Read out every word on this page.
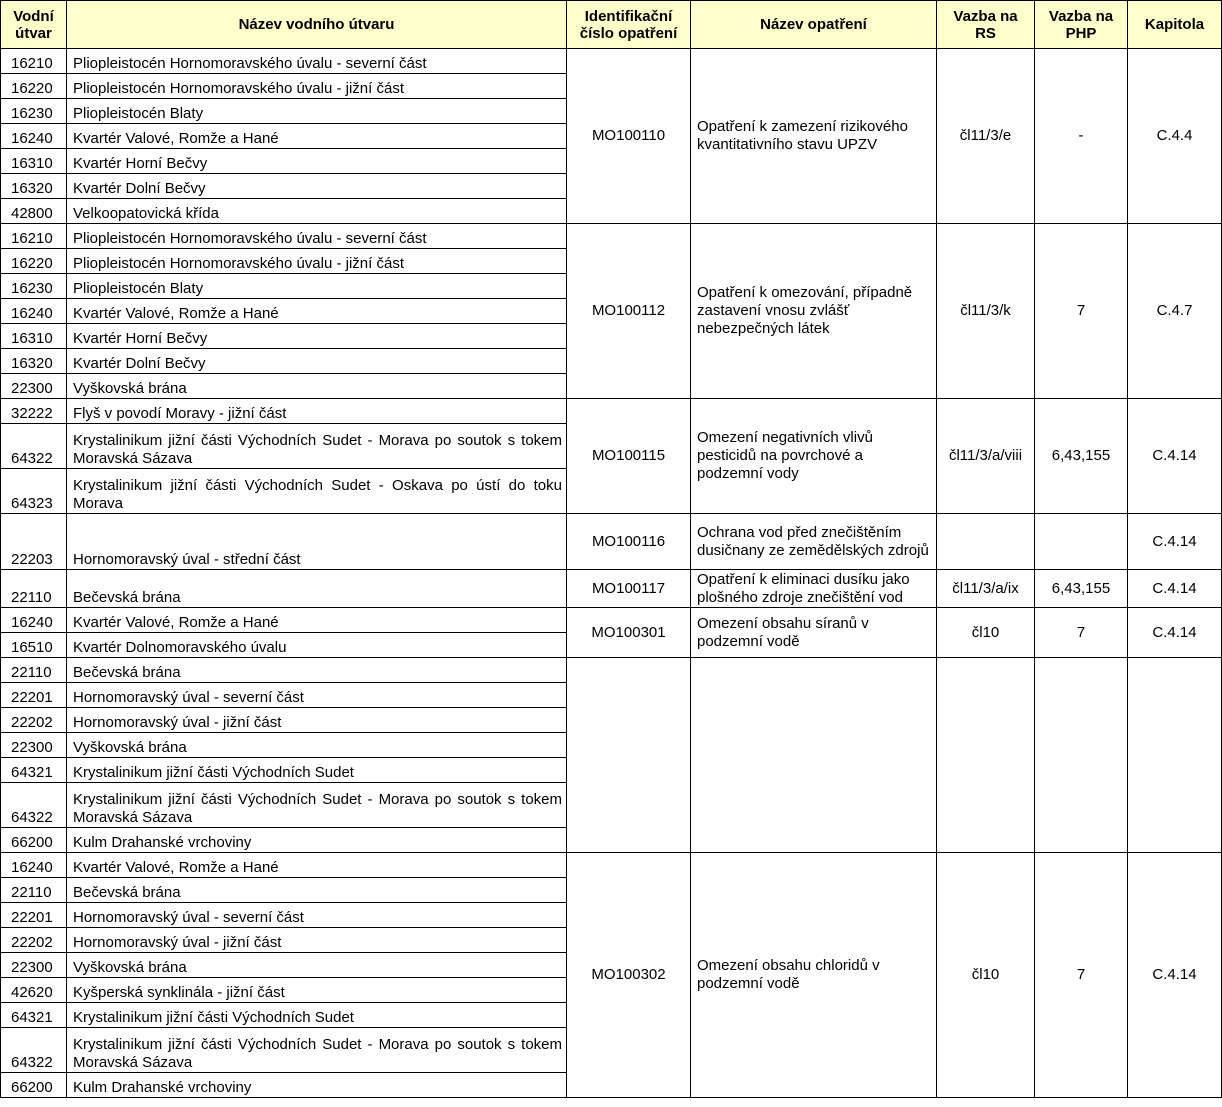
Vodní útvar	Název vodního útvaru	Identifikační číslo opatření	Název opatření	Vazba na RS	Vazba na PHP	Kapitola
16210	Pliopleistocén Hornomoravského úvalu - severní část	MO100110	Opatření k zamezení rizikového kvantitativního stavu UPZV	čl11/3/e	-	C.4.4
16220	Pliopleistocén Hornomoravského úvalu - jižní část					
16230	Pliopleistocén Blaty					
16240	Kvartér Valové, Romže a Hané					
16310	Kvartér Horní Bečvy					
16320	Kvartér Dolní Bečvy					
42800	Velkoopatovická křída					
16210	Pliopleistocén Hornomoravského úvalu - severní část	MO100112	Opatření k omezování, případně zastavení vnosu zvlášť nebezpečných látek	čl11/3/k	7	C.4.7
16220	Pliopleistocén Hornomoravského úvalu - jižní část					
16230	Pliopleistocén Blaty					
16240	Kvartér Valové, Romže a Hané					
16310	Kvartér Horní Bečvy					
16320	Kvartér Dolní Bečvy					
22300	Vyškovská brána					
32222	Flyš v povodí Moravy - jižní část	MO100115	Omezení negativních vlivů pesticidů na povrchové a podzemní vody	čl11/3/a/viii	6,43,155	C.4.14
64322	Krystalinikum jižní části Východních Sudet - Morava po soutok s tokem Moravská Sázava					
64323	Krystalinikum jižní části Východních Sudet - Oskava po ústí do toku Morava					
22203	Hornomoravský úval - střední část	MO100116	Ochrana vod před znečištěním dusičnany ze zemědělských zdrojů			C.4.14
22110	Bečevská brána	MO100117	Opatření k eliminaci dusíku jako plošného zdroje znečištění vod	čl11/3/a/ix	6,43,155	C.4.14
16240	Kvartér Valové, Romže a Hané	MO100301	Omezení obsahu síranů v podzemní vodě	čl10	7	C.4.14
16510	Kvartér Dolnomoravského úvalu					
22110	Bečevská brána					
22201	Hornomoravský úval - severní část					
22202	Hornomoravský úval - jižní část					
22300	Vyškovská brána					
64321	Krystalinikum jižní části Východních Sudet					
64322	Krystalinikum jižní části Východních Sudet - Morava po soutok s tokem Moravská Sázava					
66200	Kulm Drahanské vrchoviny					
16240	Kvartér Valové, Romže a Hané	MO100302	Omezení obsahu chloridů v podzemní vodě	čl10	7	C.4.14
22110	Bečevská brána					
22201	Hornomoravský úval - severní část					
22202	Hornomoravský úval - jižní část					
22300	Vyškovská brána					
42620	Kyšperská synklinála - jižní část					
64321	Krystalinikum jižní části Východních Sudet					
64322	Krystalinikum jižní části Východních Sudet - Morava po soutok s tokem Moravská Sázava					
66200	Kulm Drahanské vrchoviny					
